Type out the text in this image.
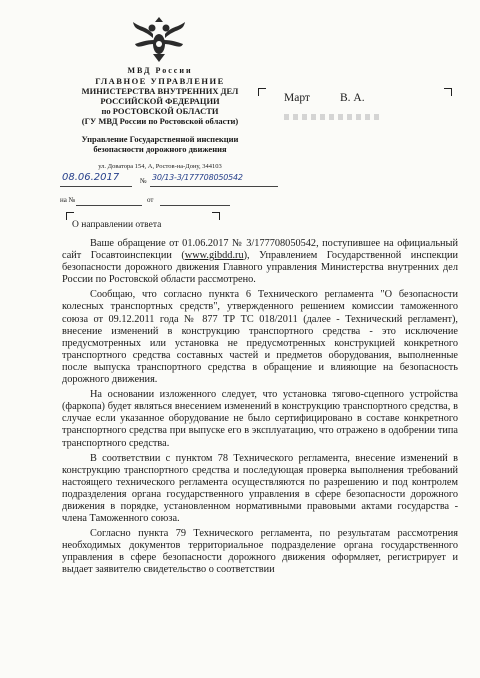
МВД России
ГЛАВНОЕ УПРАВЛЕНИЕ
МИНИСТЕРСТВА ВНУТРЕННИХ ДЕЛ
РОССИЙСКОЙ ФЕДЕРАЦИИ
по РОСТОВСКОЙ ОБЛАСТИ
(ГУ МВД России по Ростовской области)
Управление Государственной инспекции
безопасности дорожного движения
ул. Доватора 154, А, Ростов-на-Дону, 344103
08.06.2017	№ 30/13-3/177708050542
на №	от
О направлении ответа
Март	В. А.

Ваше обращение от 01.06.2017 № 3/177708050542, поступившее на официальный сайт Госавтоинспекции (www.gibdd.ru), Управлением Государственной инспекции безопасности дорожного движения Главного управления Министерства внутренних дел России по Ростовской области рассмотрено.

Сообщаю, что согласно пункта 6 Технического регламента "О безопасности колесных транспортных средств", утвержденного решением комиссии таможенного союза от 09.12.2011 года № 877 ТР ТС 018/2011 (далее - Технический регламент), внесение изменений в конструкцию транспортного средства - это исключение предусмотренных или установка не предусмотренных конструкцией конкретного транспортного средства составных частей и предметов оборудования, выполненные после выпуска транспортного средства в обращение и влияющие на безопасность дорожного движения.

На основании изложенного следует, что установка тягово-сцепного устройства (фаркопа) будет являться внесением изменений в конструкцию транспортного средства, в случае если указанное оборудование не было сертифицировано в составе конкретного транспортного средства при выпуске его в эксплуатацию, что отражено в одобрении типа транспортного средства.

В соответствии с пунктом 78 Технического регламента, внесение изменений в конструкцию транспортного средства и последующая проверка выполнения требований настоящего технического регламента осуществляются по разрешению и под контролем подразделения органа государственного управления в сфере безопасности дорожного движения в порядке, установленном нормативными правовыми актами государства - члена Таможенного союза.

Согласно пункта 79 Технического регламента, по результатам рассмотрения необходимых документов территориальное подразделение органа государственного управления в сфере безопасности дорожного движения оформляет, регистрирует и выдает заявителю свидетельство о соответствии
